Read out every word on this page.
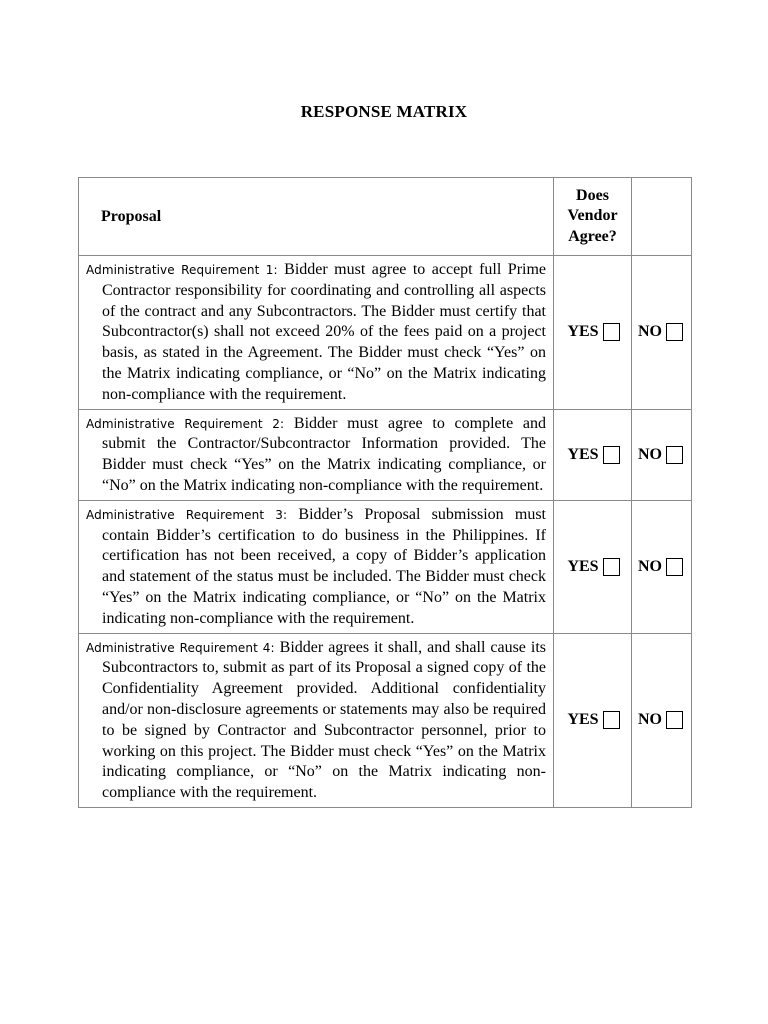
RESPONSE MATRIX
Proposal	Does
Vendor
Agree?	

Administrative Requirement 1: Bidder must agree to accept full Prime Contractor responsibility for coordinating and controlling all aspects of the contract and any Subcontractors. The Bidder must certify that Subcontractor(s) shall not exceed 20% of the fees paid on a project basis, as stated in the Agreement. The Bidder must check “Yes” on the Matrix indicating compliance, or “No” on the Matrix indicating non-compliance with the requirement.	YES	NO

Administrative Requirement 2: Bidder must agree to complete and submit the Contractor/Subcontractor Information provided. The Bidder must check “Yes” on the Matrix indicating compliance, or “No” on the Matrix indicating non-compliance with the requirement.	YES	NO

Administrative Requirement 3: Bidder’s Proposal submission must contain Bidder’s certification to do business in the Philippines. If certification has not been received, a copy of Bidder’s application and statement of the status must be included. The Bidder must check “Yes” on the Matrix indicating compliance, or “No” on the Matrix indicating non-compliance with the requirement.	YES	NO

Administrative Requirement 4: Bidder agrees it shall, and shall cause its Subcontractors to, submit as part of its Proposal a signed copy of the Confidentiality Agreement provided. Additional confidentiality and/or non-disclosure agreements or statements may also be required to be signed by Contractor and Subcontractor personnel, prior to working on this project. The Bidder must check “Yes” on the Matrix indicating compliance, or “No” on the Matrix indicating non-compliance with the requirement.	YES	NO
